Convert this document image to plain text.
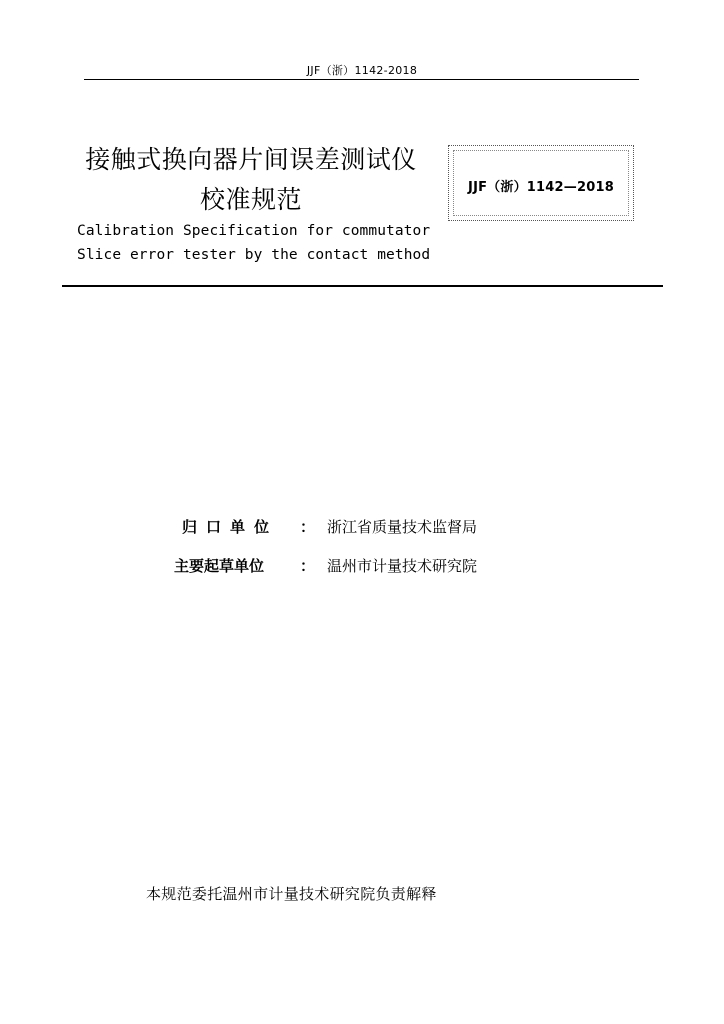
JJF（浙）1142-2018
接触式换向器片间误差测试仪
校准规范
Calibration Specification for commutator
Slice error tester by the contact method
JJF（浙）1142—2018
归口单位	： 浙江省质量技术监督局
主要起草单位	： 温州市计量技术研究院
本规范委托温州市计量技术研究院负责解释
